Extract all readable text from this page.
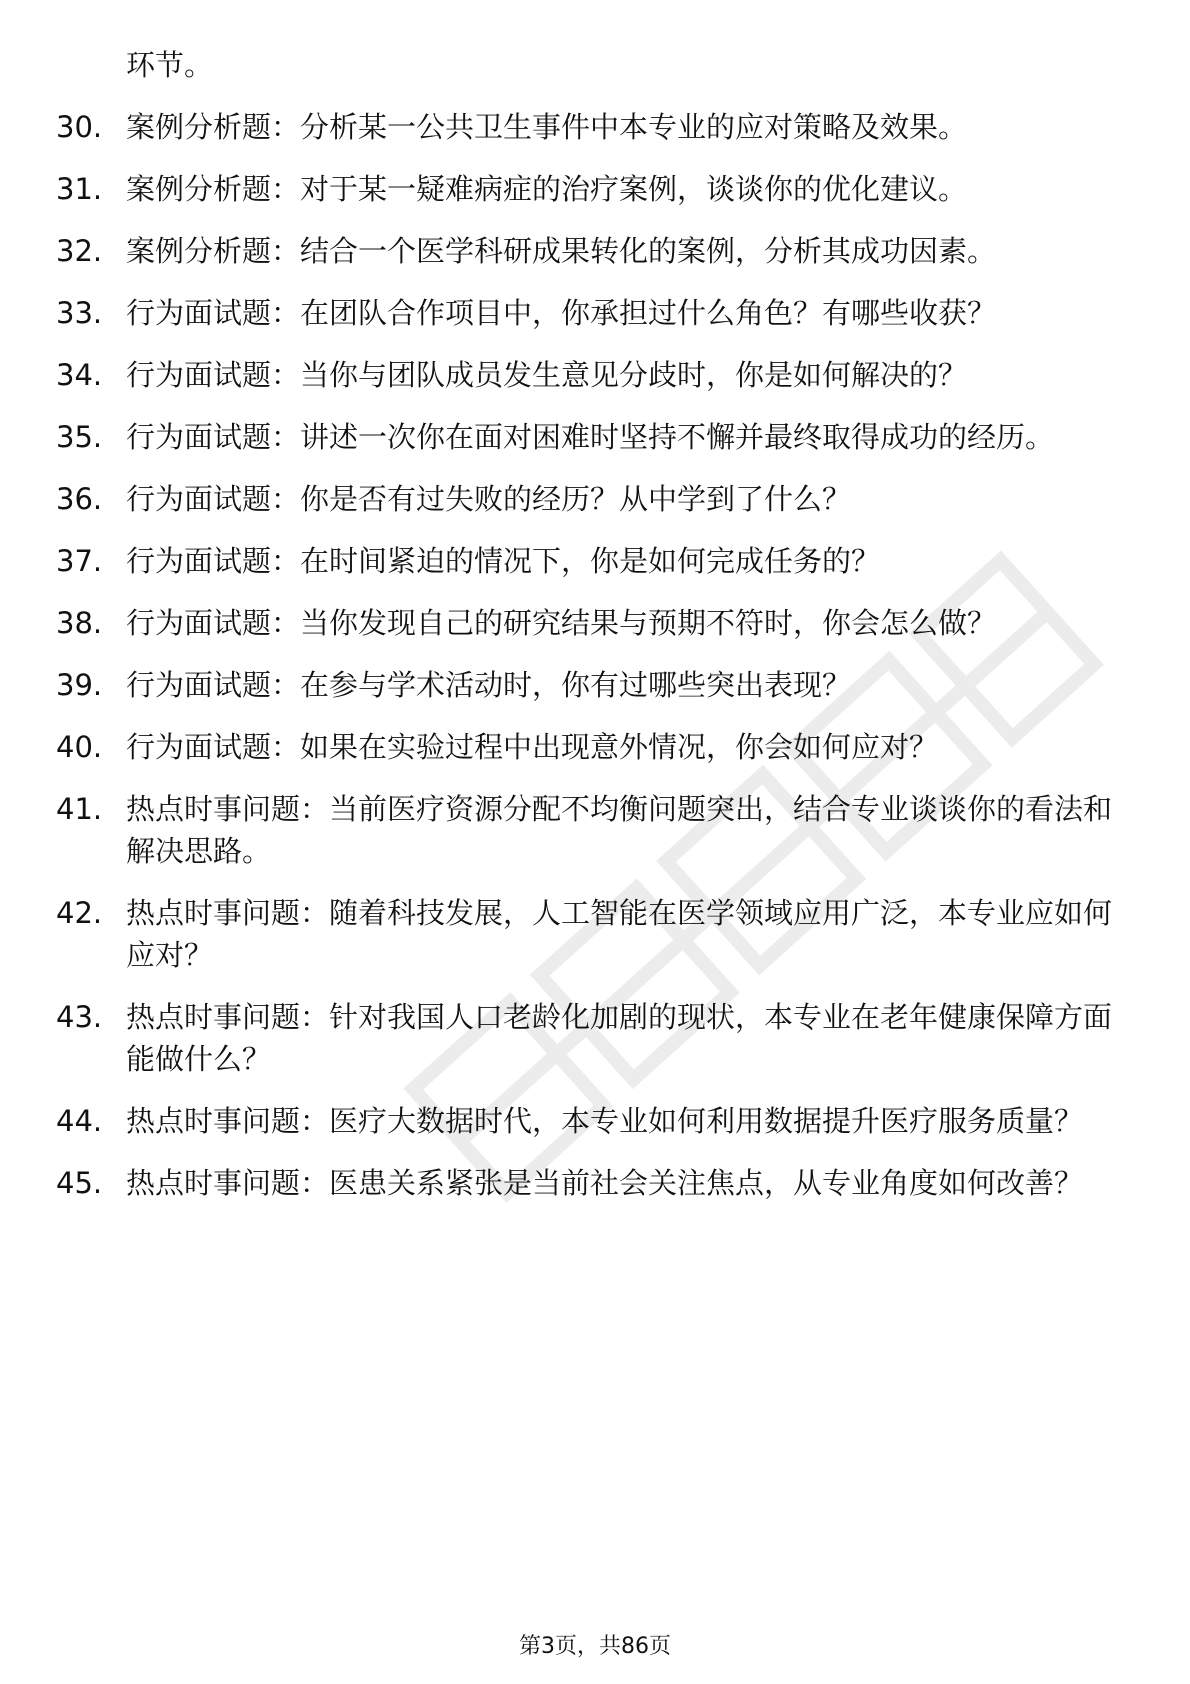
环节。
30. 案例分析题：分析某一公共卫生事件中本专业的应对策略及效果。
31. 案例分析题：对于某一疑难病症的治疗案例，谈谈你的优化建议。
32. 案例分析题：结合一个医学科研成果转化的案例，分析其成功因素。
33. 行为面试题：在团队合作项目中，你承担过什么角色？有哪些收获？
34. 行为面试题：当你与团队成员发生意见分歧时，你是如何解决的？
35. 行为面试题：讲述一次你在面对困难时坚持不懈并最终取得成功的经历。
36. 行为面试题：你是否有过失败的经历？从中学到了什么？
37. 行为面试题：在时间紧迫的情况下，你是如何完成任务的？
38. 行为面试题：当你发现自己的研究结果与预期不符时，你会怎么做？
39. 行为面试题：在参与学术活动时，你有过哪些突出表现？
40. 行为面试题：如果在实验过程中出现意外情况，你会如何应对？
41. 热点时事问题：当前医疗资源分配不均衡问题突出，结合专业谈谈你的看法和解决思路。
42. 热点时事问题：随着科技发展，人工智能在医学领域应用广泛，本专业应如何应对？
43. 热点时事问题：针对我国人口老龄化加剧的现状，本专业在老年健康保障方面能做什么？
44. 热点时事问题：医疗大数据时代，本专业如何利用数据提升医疗服务质量？
45. 热点时事问题：医患关系紧张是当前社会关注焦点，从专业角度如何改善？
第3页，共86页
